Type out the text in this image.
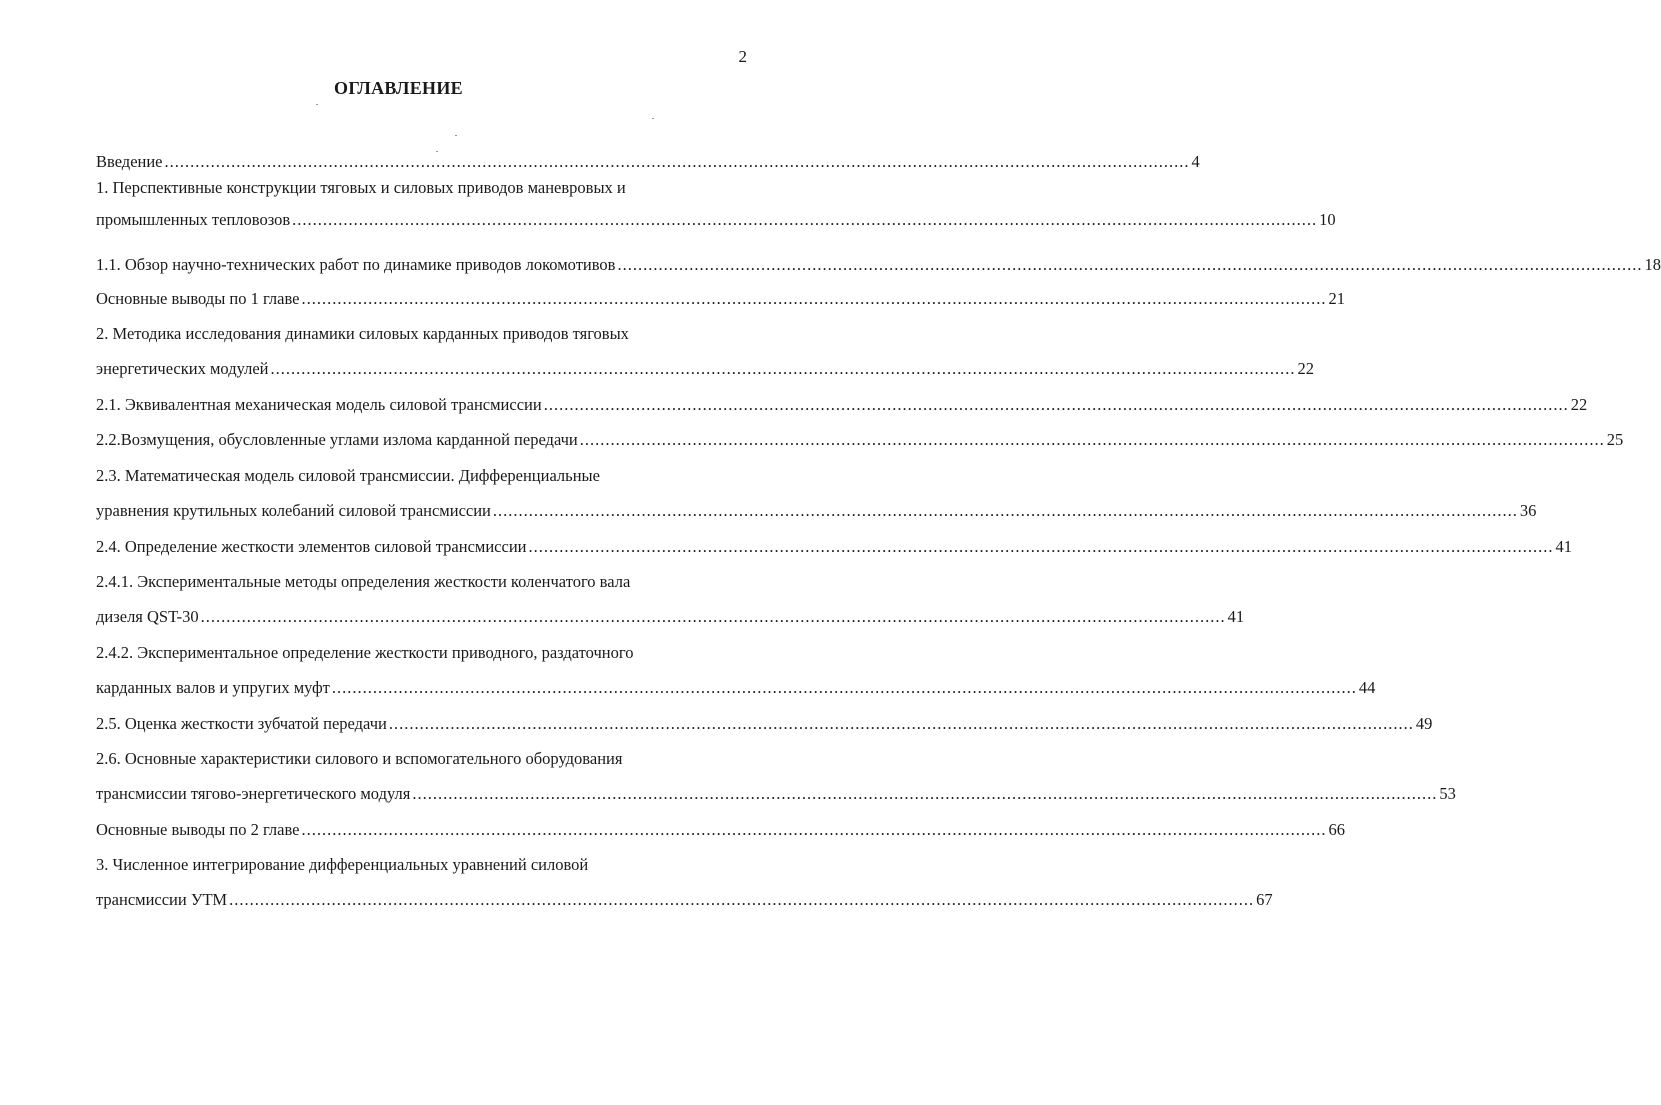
2
ОГЛАВЛЕНИЕ
Введение ........................................................................................................................................................................................................ 4
1. Перспективные конструкции тяговых и силовых приводов маневровых и
промышленных тепловозов ........................................................................................................................................................................................................ 10
1.1. Обзор научно-технических работ по динамике приводов локомотивов ........................................................................................................................................................................................................ 18
Основные выводы по 1 главе ........................................................................................................................................................................................................ 21
2. Методика исследования динамики силовых карданных приводов тяговых
энергетических модулей ........................................................................................................................................................................................................ 22
2.1. Эквивалентная механическая модель силовой трансмиссии ........................................................................................................................................................................................................ 22
2.2.Возмущения, обусловленные углами излома карданной передачи ........................................................................................................................................................................................................ 25
2.3. Математическая модель силовой трансмиссии. Дифференциальные
уравнения крутильных колебаний силовой трансмиссии ........................................................................................................................................................................................................ 36
2.4. Определение жесткости элементов силовой трансмиссии ........................................................................................................................................................................................................ 41
2.4.1. Экспериментальные методы определения жесткости коленчатого вала
дизеля QST-30 ........................................................................................................................................................................................................ 41
2.4.2. Экспериментальное определение жесткости приводного, раздаточного
карданных валов и упругих муфт ........................................................................................................................................................................................................ 44
2.5. Оценка жесткости зубчатой передачи ........................................................................................................................................................................................................ 49
2.6. Основные характеристики силового и вспомогательного оборудования
трансмиссии тягово-энергетического модуля ........................................................................................................................................................................................................ 53
Основные выводы по 2 главе ........................................................................................................................................................................................................ 66
3. Численное интегрирование дифференциальных уравнений силовой
трансмиссии УТМ ........................................................................................................................................................................................................ 67
